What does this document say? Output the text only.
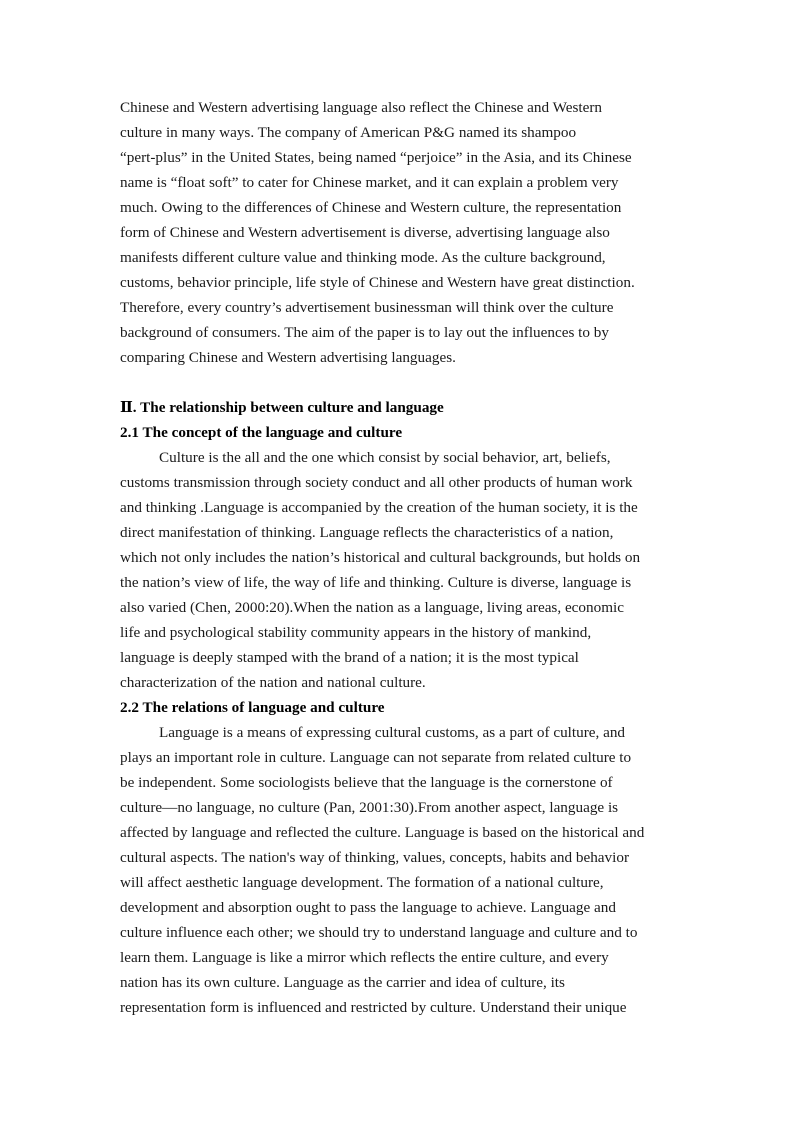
Chinese and Western advertising language also reflect the Chinese and Western
culture in many ways. The company of American P&G named its shampoo
“pert-plus” in the United States, being named “perjoice” in the Asia, and its Chinese
name is “float soft” to cater for Chinese market, and it can explain a problem very
much. Owing to the differences of Chinese and Western culture, the representation
form of Chinese and Western advertisement is diverse, advertising language also
manifests different culture value and thinking mode. As the culture background,
customs, behavior principle, life style of Chinese and Western have great distinction.
Therefore, every country’s advertisement businessman will think over the culture
background of consumers. The aim of the paper is to lay out the influences to by
comparing Chinese and Western advertising languages.
Ⅱ. The relationship between culture and language
2.1 The concept of the language and culture
Culture is the all and the one which consist by social behavior, art, beliefs,
customs transmission through society conduct and all other products of human work
and thinking .Language is accompanied by the creation of the human society, it is the
direct manifestation of thinking. Language reflects the characteristics of a nation,
which not only includes the nation’s historical and cultural backgrounds, but holds on
the nation’s view of life, the way of life and thinking. Culture is diverse, language is
also varied (Chen, 2000:20).When the nation as a language, living areas, economic
life and psychological stability community appears in the history of mankind,
language is deeply stamped with the brand of a nation; it is the most typical
characterization of the nation and national culture.
2.2 The relations of language and culture
Language is a means of expressing cultural customs, as a part of culture, and
plays an important role in culture. Language can not separate from related culture to
be independent. Some sociologists believe that the language is the cornerstone of
culture—no language, no culture (Pan, 2001:30).From another aspect, language is
affected by language and reflected the culture. Language is based on the historical and
cultural aspects. The nation's way of thinking, values, concepts, habits and behavior
will affect aesthetic language development. The formation of a national culture,
development and absorption ought to pass the language to achieve. Language and
culture influence each other; we should try to understand language and culture and to
learn them. Language is like a mirror which reflects the entire culture, and every
nation has its own culture. Language as the carrier and idea of culture, its
representation form is influenced and restricted by culture. Understand their unique
